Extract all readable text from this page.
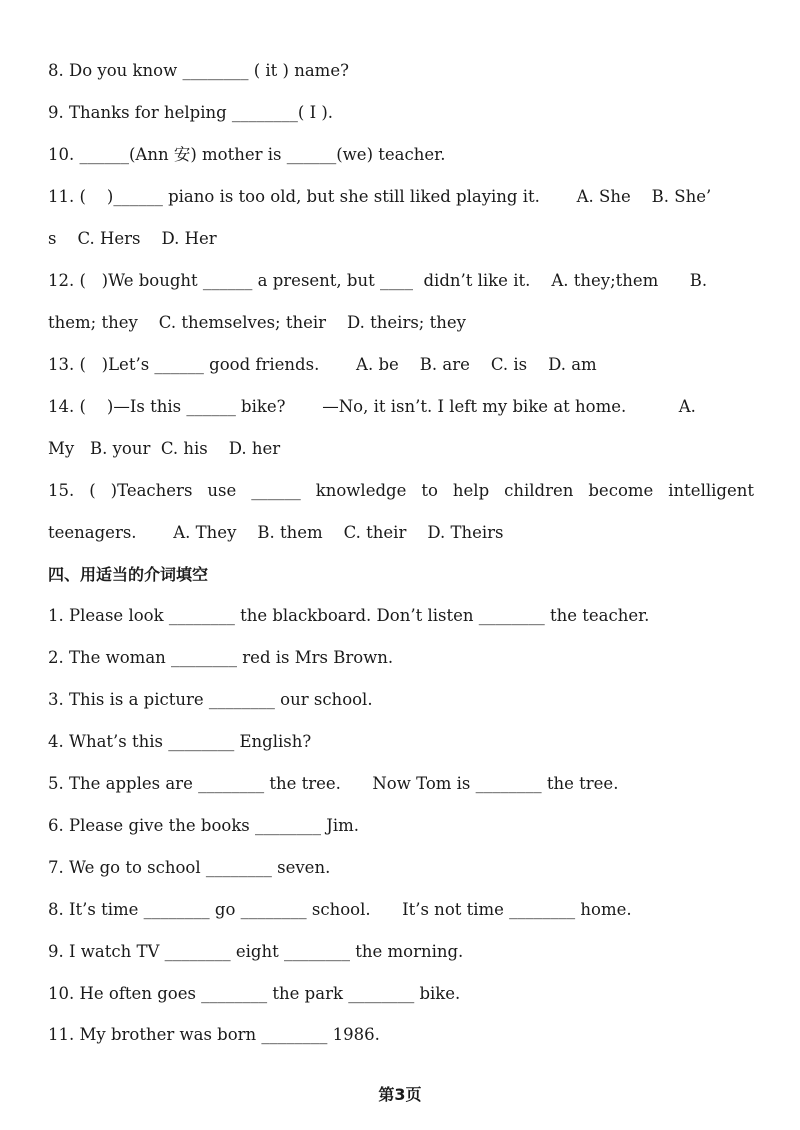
8. Do you know ________ ( it ) name?
9. Thanks for helping ________( I ).
10. ______(Ann 安) mother is ______(we) teacher.
11. (    )______ piano is too old, but she still liked playing it.       A. She    B. She’
s    C. Hers    D. Her
12. (   )We bought ______ a present, but ____  didn’t like it.    A. they;them      B.
them; they    C. themselves; their    D. theirs; they
13. (   )Let’s ______ good friends.       A. be    B. are    C. is    D. am
14. (    )—Is this ______ bike?       —No, it isn’t. I left my bike at home.          A.
My   B. your  C. his    D. her
15. ( )Teachers use ______ knowledge to help children become intelligent
teenagers.       A. They    B. them    C. their    D. Theirs
四、用适当的介词填空
1. Please look ________ the blackboard. Don’t listen ________ the teacher.
2. The woman ________ red is Mrs Brown.
3. This is a picture ________ our school.
4. What’s this ________ English?
5. The apples are ________ the tree.      Now Tom is ________ the tree.
6. Please give the books ________ Jim.
7. We go to school ________ seven.
8. It’s time ________ go ________ school.      It’s not time ________ home.
9. I watch TV ________ eight ________ the morning.
10. He often goes ________ the park ________ bike.
11. My brother was born ________ 1986.
第3页
